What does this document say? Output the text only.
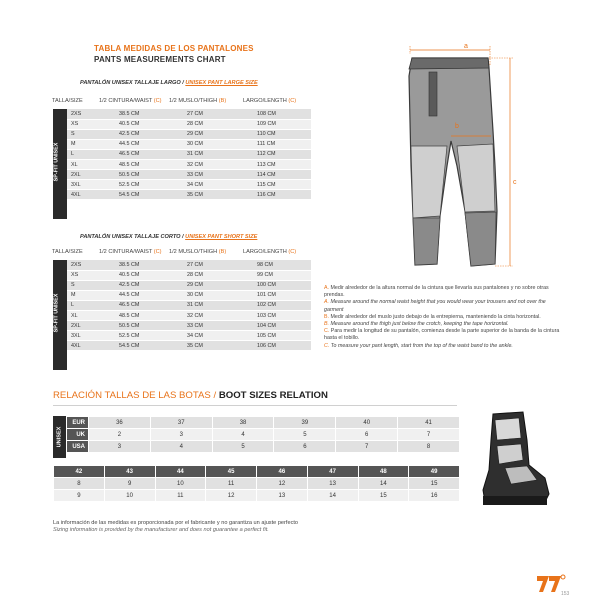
TABLA MEDIDAS DE LOS PANTALONES
PANTS MEASUREMENTS CHART
PANTALÓN UNISEX TALLAJE LARGO / UNISEX PANT LARGE SIZE
TALLA/SIZE	1/2 CINTURA/WAIST (C) 1/2 MUSLO/THIGH (B)	LARGO/LENGTH (C)
SP-FIT UNISEX
2XS	38.5 CM	27 CM	108 CM
XS	40.5 CM	28 CM	109 CM
S	42.5 CM	29 CM	110 CM
M	44.5 CM	30 CM	111 CM
L	46.5 CM	31 CM	112 CM
XL	48.5 CM	32 CM	113 CM
2XL	50.5 CM	33 CM	114 CM
3XL	52.5 CM	34 CM	115 CM
4XL	54.5 CM	35 CM	116 CM
PANTALÓN UNISEX TALLAJE CORTO / UNISEX PANT SHORT SIZE
TALLA/SIZE	1/2 CINTURA/WAIST (C) 1/2 MUSLO/THIGH (B)	LARGO/LENGTH (C)
SP-FIT UNISEX
2XS	38.5 CM	27 CM	98 CM
XS	40.5 CM	28 CM	99 CM
S	42.5 CM	29 CM	100 CM
M	44.5 CM	30 CM	101 CM
L	46.5 CM	31 CM	102 CM
XL	48.5 CM	32 CM	103 CM
2XL	50.5 CM	33 CM	104 CM
3XL	52.5 CM	34 CM	105 CM
4XL	54.5 CM	35 CM	106 CM
a
b
c

A. Medir alrededor de la altura normal de la cintura que llevaría sus pantalones y no sobre otras prendas.

A. Measure around the normal waist height that you would wear your trousers and not over the garment

B. Medir alrededor del muslo justo debajo de la entrepierna, manteniendo la cinta horizontal.

B. Measure around the thigh just below the crotch, keeping the tape horizontal.

C. Para medir la longitud de su pantalón, comienza desde la parte superior de la banda de la cintura hasta el tobillo.

C. To measure your pant length, start from the top of the waist band to the ankle.

RELACIÓN TALLAS DE LAS BOTAS / BOOT SIZES RELATION
UNISEX
EUR	36	37	38	39	40	41
UK	2	3	4	5	6	7
USA	3	4	5	6	7	8
42	43	44	45	46	47	48	49
8	9	10	11	12	13	14	15
9	10	11	12	13	14	15	16
La información de las medidas es proporcionada por el fabricante y no garantiza un ajuste perfecto
Sizing information is provided by the manufacturer and does not guarantee a perfect fit.
153
